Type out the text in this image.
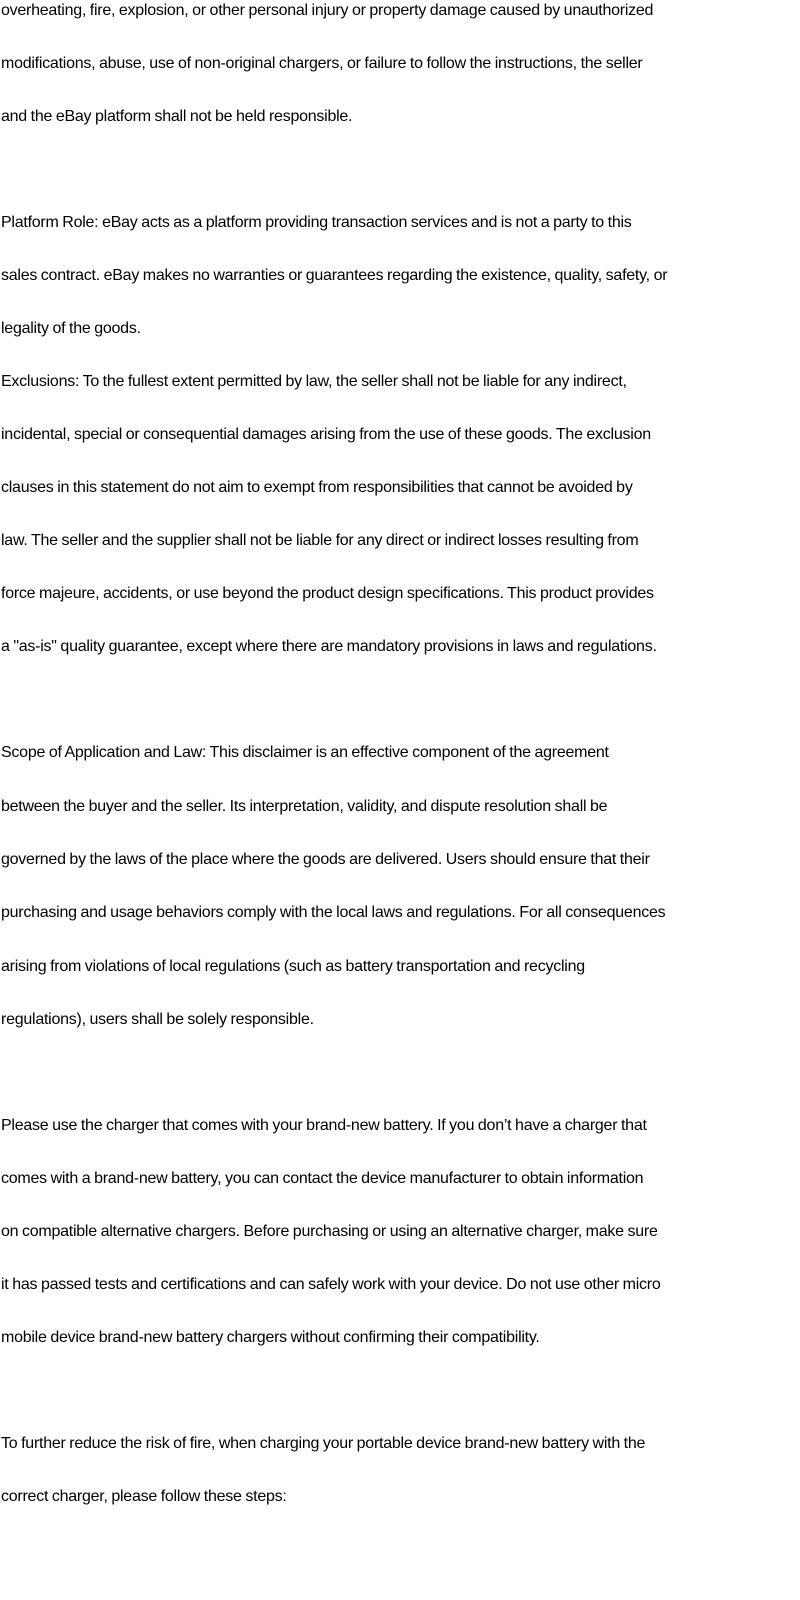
overheating, fire, explosion, or other personal injury or property damage caused by unauthorized
modifications, abuse, use of non-original chargers, or failure to follow the instructions, the seller
and the eBay platform shall not be held responsible.
Platform Role: eBay acts as a platform providing transaction services and is not a party to this
sales contract. eBay makes no warranties or guarantees regarding the existence, quality, safety, or
legality of the goods.
Exclusions: To the fullest extent permitted by law, the seller shall not be liable for any indirect,
incidental, special or consequential damages arising from the use of these goods. The exclusion
clauses in this statement do not aim to exempt from responsibilities that cannot be avoided by
law. The seller and the supplier shall not be liable for any direct or indirect losses resulting from
force majeure, accidents, or use beyond the product design specifications. This product provides
a "as-is" quality guarantee, except where there are mandatory provisions in laws and regulations.
Scope of Application and Law: This disclaimer is an effective component of the agreement
between the buyer and the seller. Its interpretation, validity, and dispute resolution shall be
governed by the laws of the place where the goods are delivered. Users should ensure that their
purchasing and usage behaviors comply with the local laws and regulations. For all consequences
arising from violations of local regulations (such as battery transportation and recycling
regulations), users shall be solely responsible.
Please use the charger that comes with your brand-new battery. If you don’t have a charger that
comes with a brand-new battery, you can contact the device manufacturer to obtain information
on compatible alternative chargers. Before purchasing or using an alternative charger, make sure
it has passed tests and certifications and can safely work with your device. Do not use other micro
mobile device brand-new battery chargers without confirming their compatibility.
To further reduce the risk of fire, when charging your portable device brand-new battery with the
correct charger, please follow these steps:
